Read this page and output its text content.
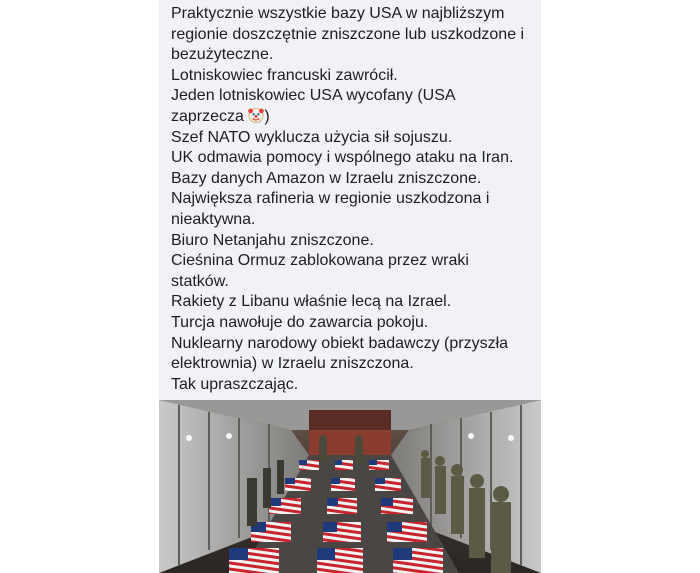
Praktycznie wszystkie bazy USA w najbliższym
regionie doszczętnie zniszczone lub uszkodzone i
bezużyteczne.
Lotniskowiec francuski zawrócił.
Jeden lotniskowiec USA wycofany (USA
zaprzecza )
Szef NATO wyklucza użycia sił sojuszu.
UK odmawia pomocy i wspólnego ataku na Iran.
Bazy danych Amazon w Izraelu zniszczone.
Największa rafineria w regionie uszkodzona i
nieaktywna.
Biuro Netanjahu zniszczone.
Cieśnina Ormuz zablokowana przez wraki
statków.
Rakiety z Libanu właśnie lecą na Izrael.
Turcja nawołuje do zawarcia pokoju.
Nuklearny narodowy obiekt badawczy (przyszła
elektrownia) w Izraelu zniszczona.
Tak upraszczając.
